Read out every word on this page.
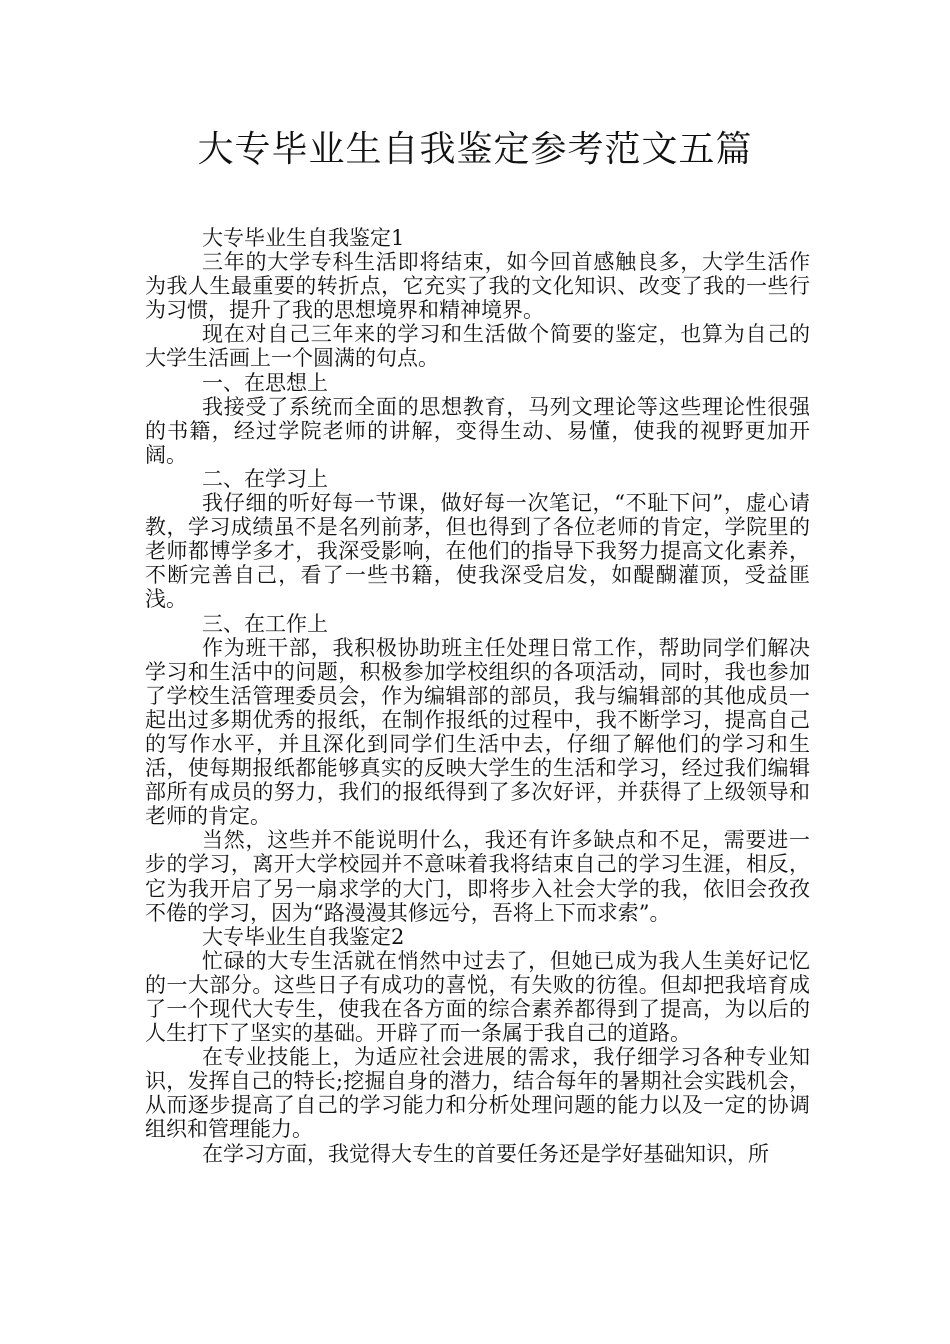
大专毕业生自我鉴定参考范文五篇

大专毕业生自我鉴定1

三年的大学专科生活即将结束，如今回首感触良多，大学生活作为我人生最重要的转折点，它充实了我的文化知识、改变了我的一些行为习惯，提升了我的思想境界和精神境界。

现在对自己三年来的学习和生活做个简要的鉴定，也算为自己的大学生活画上一个圆满的句点。

一、在思想上

我接受了系统而全面的思想教育，马列文理论等这些理论性很强的书籍，经过学院老师的讲解，变得生动、易懂，使我的视野更加开阔。

二、在学习上

我仔细的听好每一节课，做好每一次笔记，“不耻下问”，虚心请教，学习成绩虽不是名列前茅，但也得到了各位老师的肯定，学院里的老师都博学多才，我深受影响，在他们的指导下我努力提高文化素养，不断完善自己，看了一些书籍，使我深受启发，如醍醐灌顶，受益匪浅。

三、在工作上

作为班干部，我积极协助班主任处理日常工作，帮助同学们解决学习和生活中的问题，积极参加学校组织的各项活动，同时，我也参加了学校生活管理委员会，作为编辑部的部员，我与编辑部的其他成员一起出过多期优秀的报纸，在制作报纸的过程中，我不断学习，提高自己的写作水平，并且深化到同学们生活中去，仔细了解他们的学习和生活，使每期报纸都能够真实的反映大学生的生活和学习，经过我们编辑部所有成员的努力，我们的报纸得到了多次好评，并获得了上级领导和老师的肯定。

当然，这些并不能说明什么，我还有许多缺点和不足，需要进一步的学习，离开大学校园并不意味着我将结束自己的学习生涯，相反，它为我开启了另一扇求学的大门，即将步入社会大学的我，依旧会孜孜不倦的学习，因为“路漫漫其修远兮，吾将上下而求索”。

大专毕业生自我鉴定2

忙碌的大专生活就在悄然中过去了，但她已成为我人生美好记忆的一大部分。这些日子有成功的喜悦，有失败的彷徨。但却把我培育成了一个现代大专生，使我在各方面的综合素养都得到了提高，为以后的人生打下了坚实的基础。开辟了而一条属于我自己的道路。

在专业技能上，为适应社会进展的需求，我仔细学习各种专业知识，发挥自己的特长;挖掘自身的潜力，结合每年的暑期社会实践机会，从而逐步提高了自己的学习能力和分析处理问题的能力以及一定的协调组织和管理能力。

在学习方面，我觉得大专生的首要任务还是学好基础知识，所
